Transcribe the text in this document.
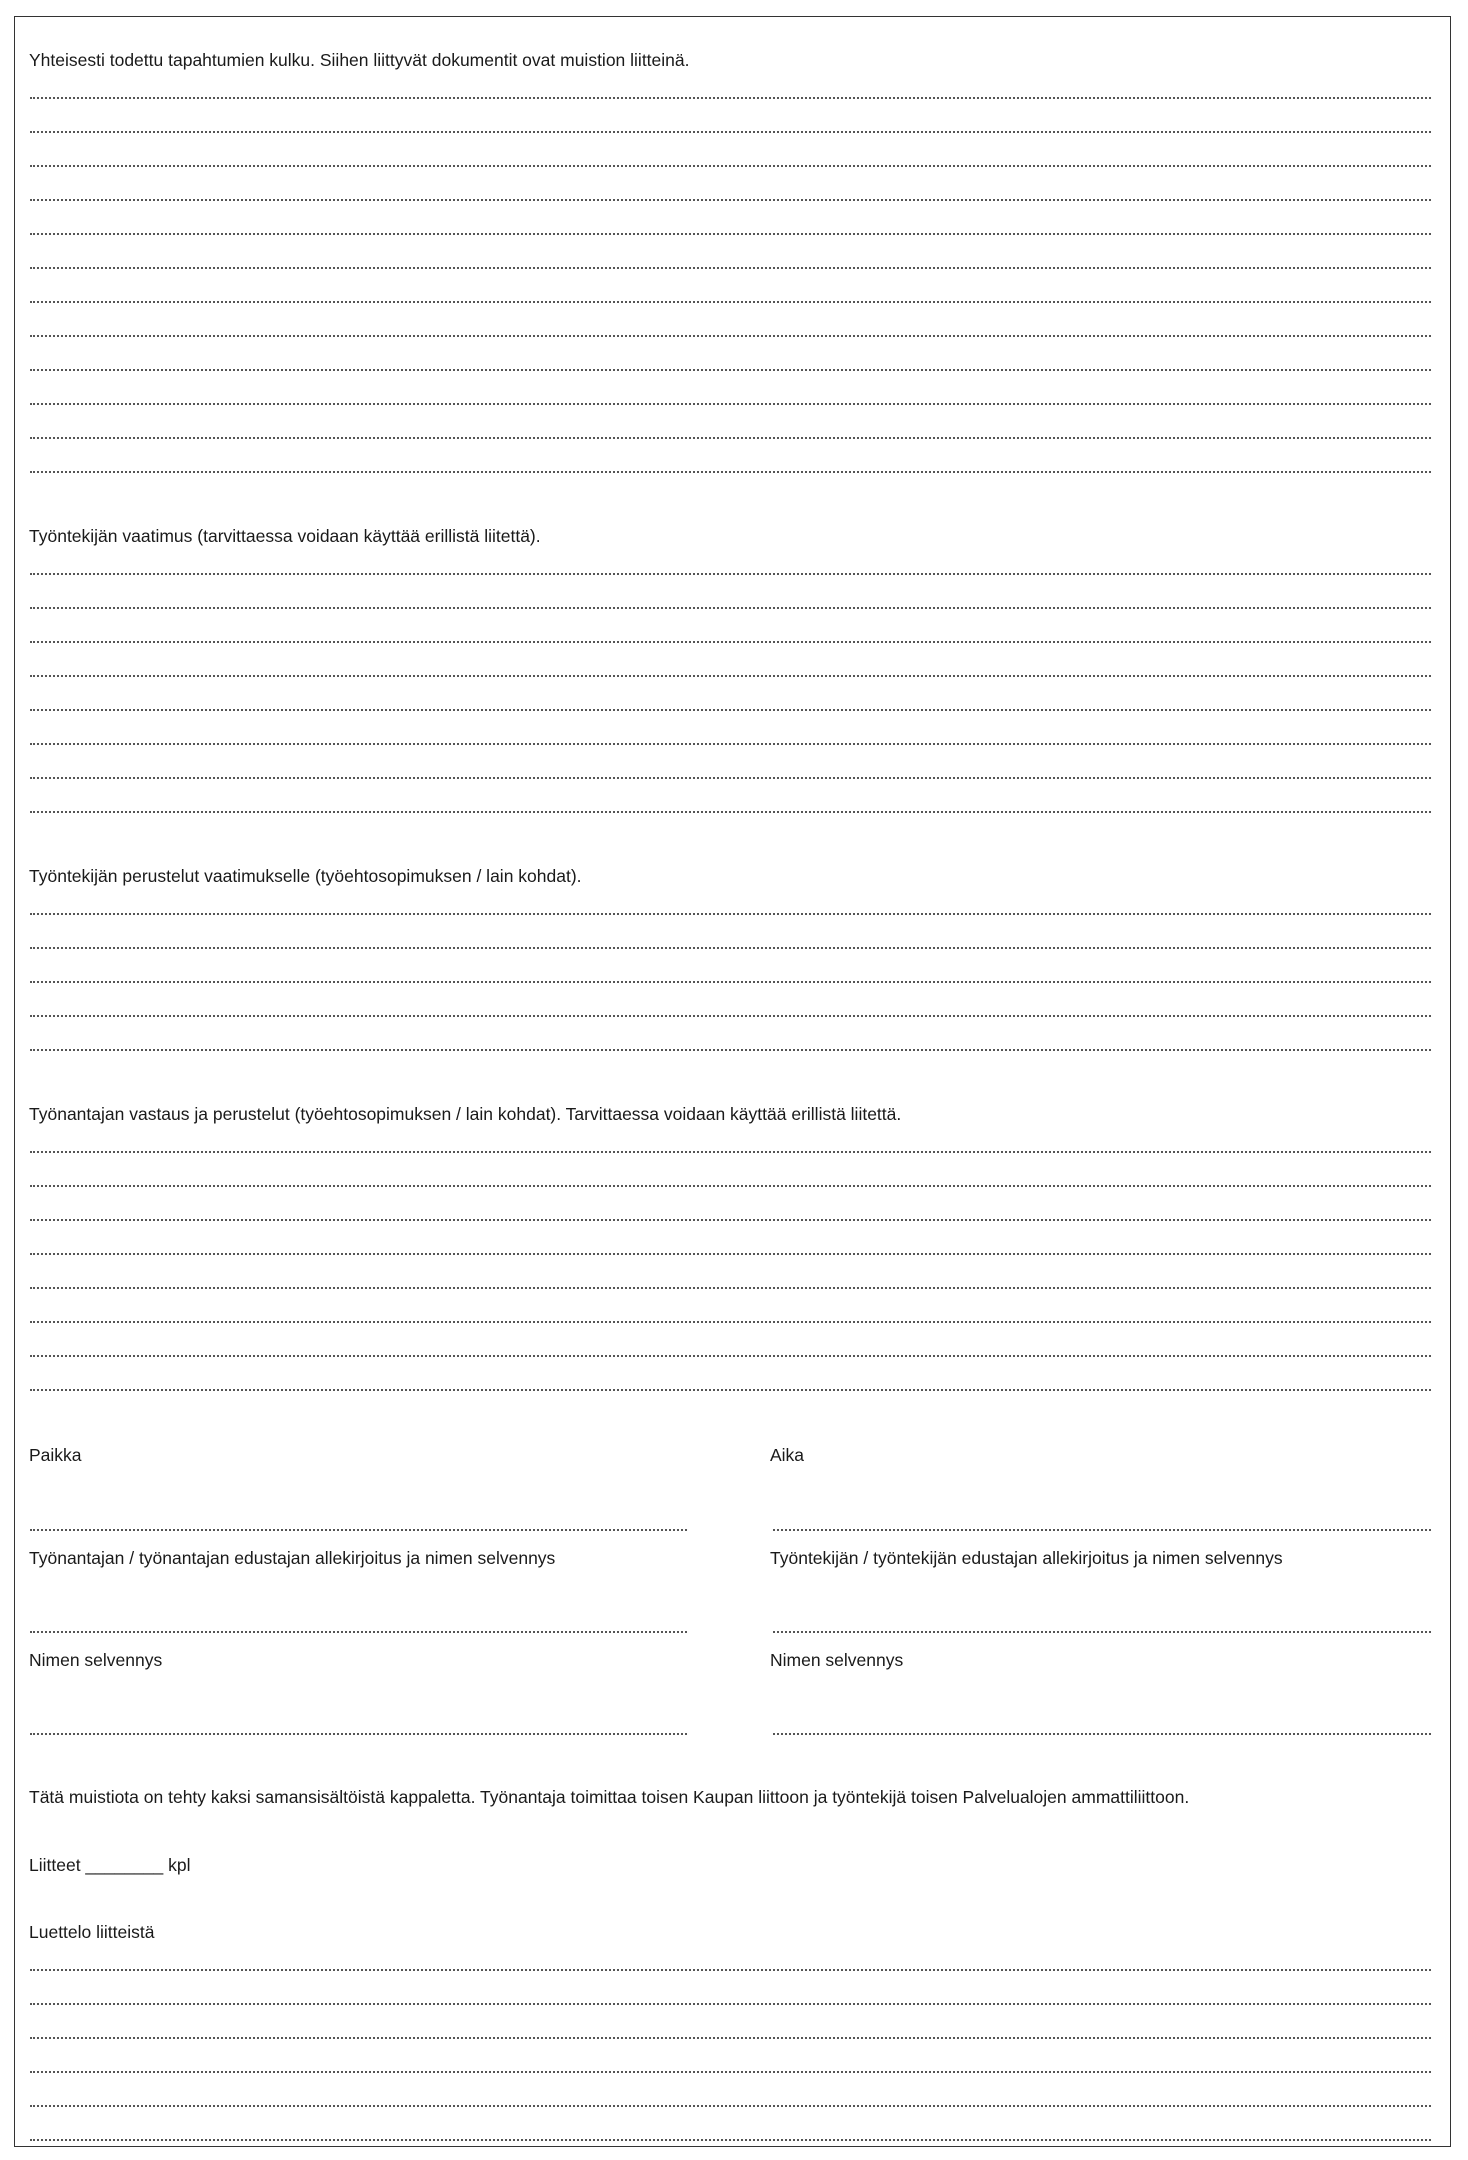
Yhteisesti todettu tapahtumien kulku. Siihen liittyvät dokumentit ovat muistion liitteinä.
Työntekijän vaatimus (tarvittaessa voidaan käyttää erillistä liitettä).
Työntekijän perustelut vaatimukselle (työehtosopimuksen / lain kohdat).
Työnantajan vastaus ja perustelut (työehtosopimuksen / lain kohdat). Tarvittaessa voidaan käyttää erillistä liitettä.
Paikka	Aika
Työnantajan / työnantajan edustajan allekirjoitus ja nimen selvennys	Työntekijän / työntekijän edustajan allekirjoitus ja nimen selvennys
Nimen selvennys	Nimen selvennys
Tätä muistiota on tehty kaksi samansisältöistä kappaletta. Työnantaja toimittaa toisen Kaupan liittoon ja työntekijä toisen Palvelualojen ammattiliittoon.
Liitteet ________ kpl
Luettelo liitteistä
